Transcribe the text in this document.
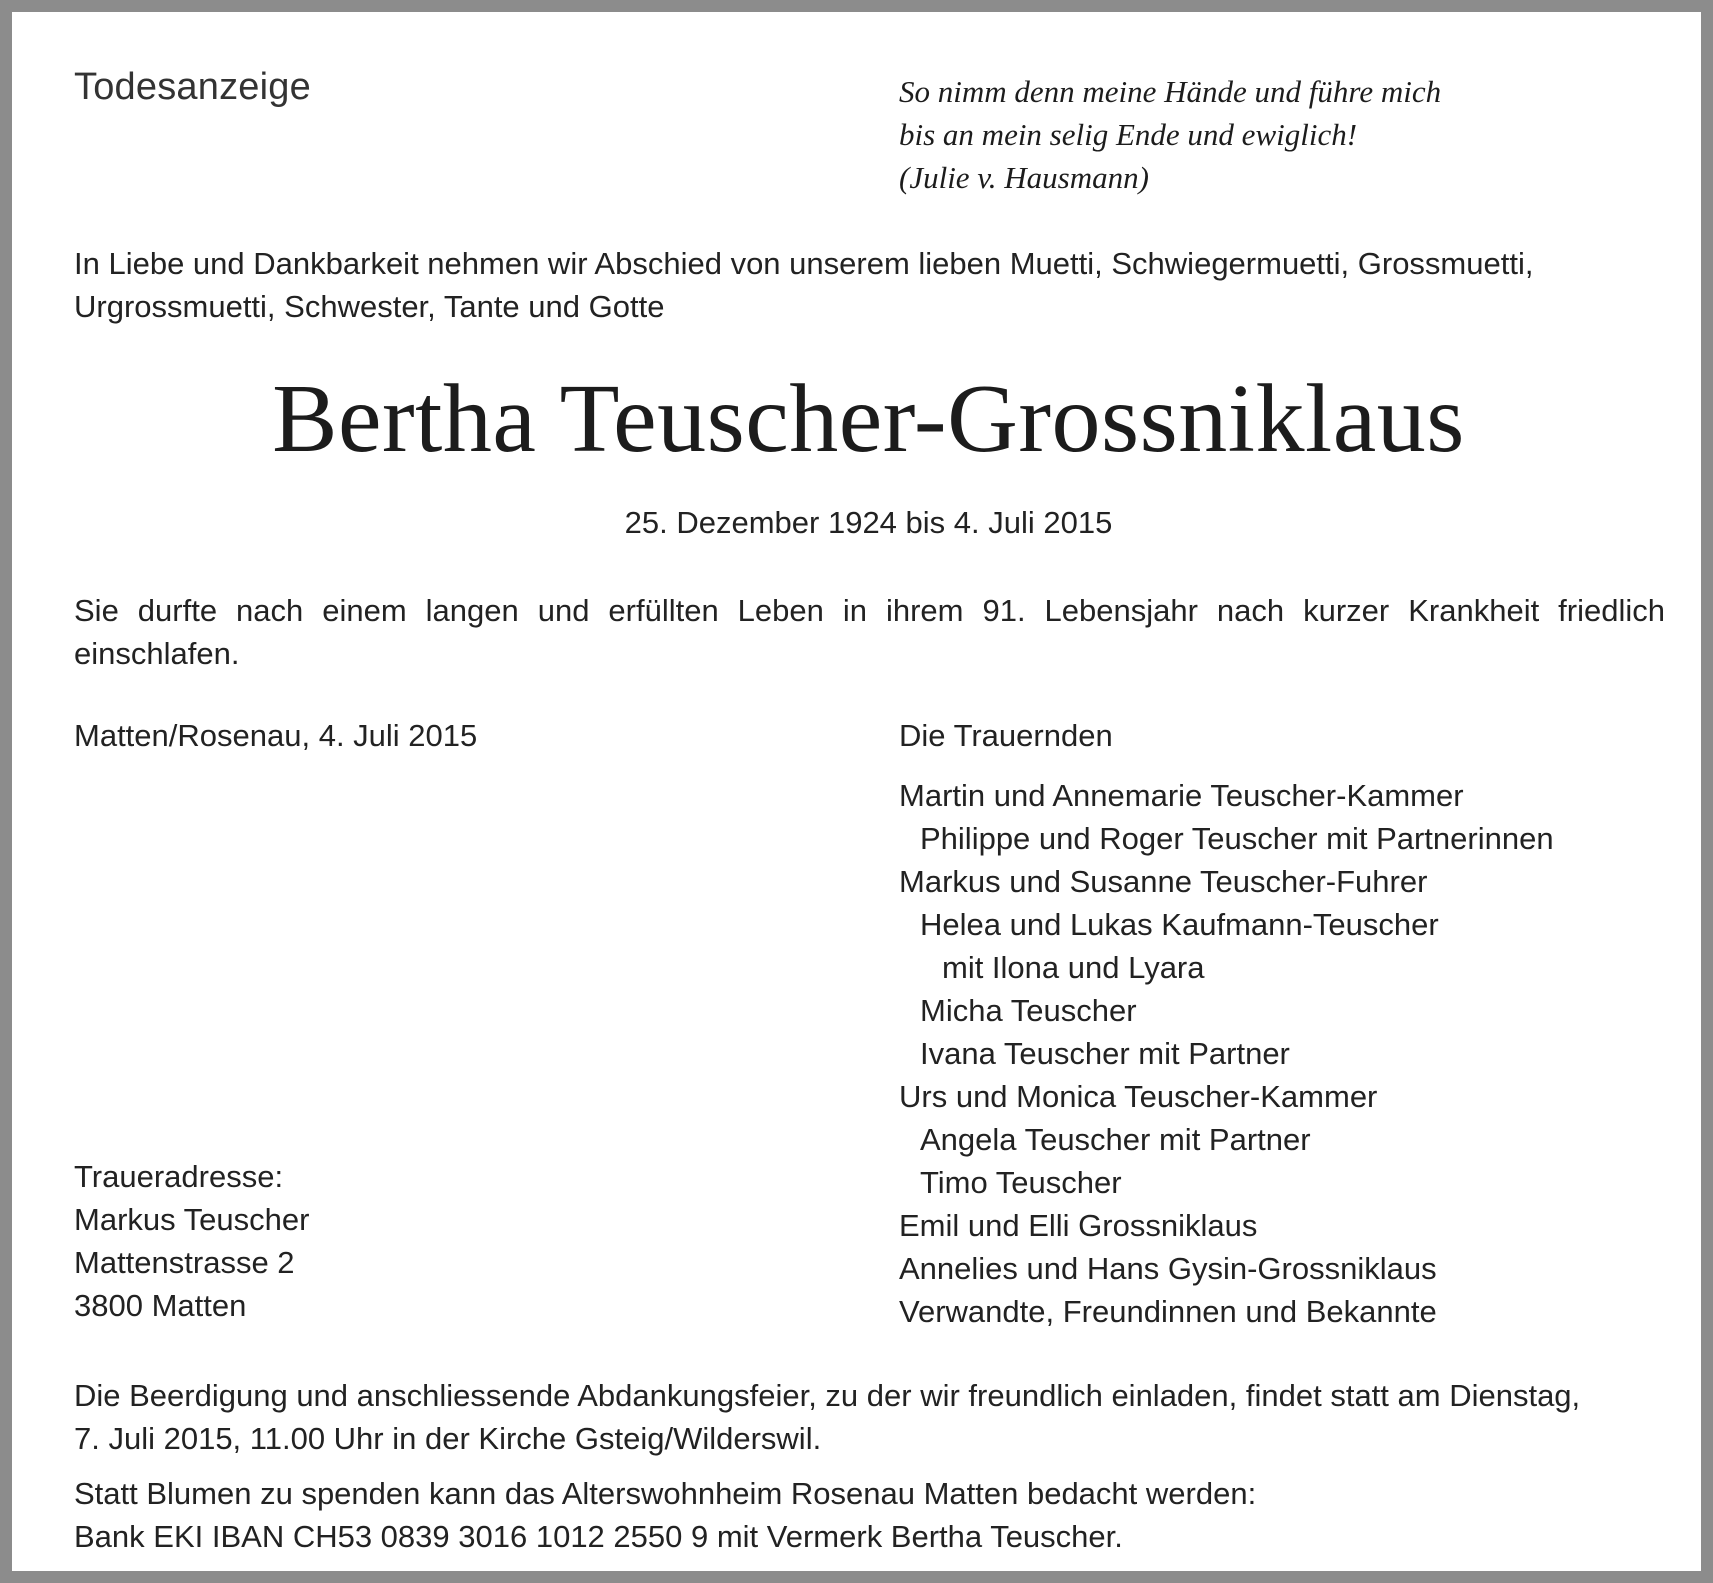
Todesanzeige	So nimm denn meine Hände und führe mich
bis an mein selig Ende und ewiglich!
(Julie v. Hausmann)
In Liebe und Dankbarkeit nehmen wir Abschied von unserem lieben Muetti, Schwiegermuetti, Grossmuetti,
Urgrossmuetti, Schwester, Tante und Gotte
Bertha Teuscher-Grossniklaus
25. Dezember 1924 bis 4. Juli 2015
Sie durfte nach einem langen und erfüllten Leben in ihrem 91. Lebensjahr nach kurzer Krankheit friedlich einschlafen.
Matten/Rosenau, 4. Juli 2015	Die Trauernden
Martin und Annemarie Teuscher-Kammer
Philippe und Roger Teuscher mit Partnerinnen
Markus und Susanne Teuscher-Fuhrer
Helea und Lukas Kaufmann-Teuscher
mit Ilona und Lyara
Micha Teuscher
Ivana Teuscher mit Partner
Urs und Monica Teuscher-Kammer
Angela Teuscher mit Partner
Timo Teuscher
Emil und Elli Grossniklaus
Annelies und Hans Gysin-Grossniklaus
Verwandte, Freundinnen und Bekannte
Traueradresse:
Markus Teuscher
Mattenstrasse 2
3800 Matten
Die Beerdigung und anschliessende Abdankungsfeier, zu der wir freundlich einladen, findet statt am Dienstag,
7. Juli 2015, 11.00 Uhr in der Kirche Gsteig/Wilderswil.
Statt Blumen zu spenden kann das Alterswohnheim Rosenau Matten bedacht werden:
Bank EKI IBAN CH53 0839 3016 1012 2550 9 mit Vermerk Bertha Teuscher.
